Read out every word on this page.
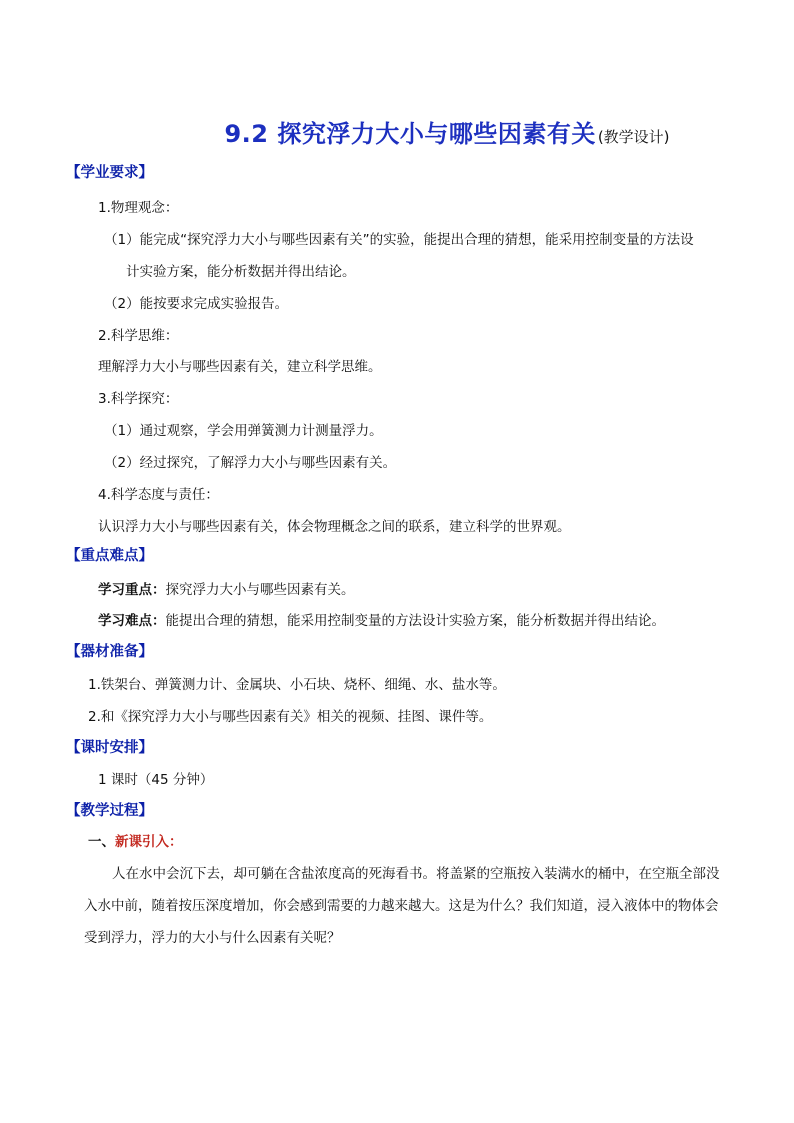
9.2 探究浮力大小与哪些因素有关 (教学设计)
【学业要求】
1.物理观念：
（1）能完成“探究浮力大小与哪些因素有关”的实验，能提出合理的猜想，能采用控制变量的方法设
计实验方案，能分析数据并得出结论。
（2）能按要求完成实验报告。
2.科学思维：
理解浮力大小与哪些因素有关，建立科学思维。
3.科学探究：
（1）通过观察，学会用弹簧测力计测量浮力。
（2）经过探究，了解浮力大小与哪些因素有关。
4.科学态度与责任：
认识浮力大小与哪些因素有关，体会物理概念之间的联系，建立科学的世界观。
【重点难点】
学习重点：探究浮力大小与哪些因素有关。
学习难点：能提出合理的猜想，能采用控制变量的方法设计实验方案，能分析数据并得出结论。
【器材准备】
1.铁架台、弹簧测力计、金属块、小石块、烧杯、细绳、水、盐水等。
2.和《探究浮力大小与哪些因素有关》相关的视频、挂图、课件等。
【课时安排】
1 课时（45 分钟）
【教学过程】
一、新课引入：
人在水中会沉下去，却可躺在含盐浓度高的死海看书。将盖紧的空瓶按入装满水的桶中，在空瓶全部没入水中前，随着按压深度增加，你会感到需要的力越来越大。这是为什么？我们知道，浸入液体中的物体会受到浮力，浮力的大小与什么因素有关呢？
